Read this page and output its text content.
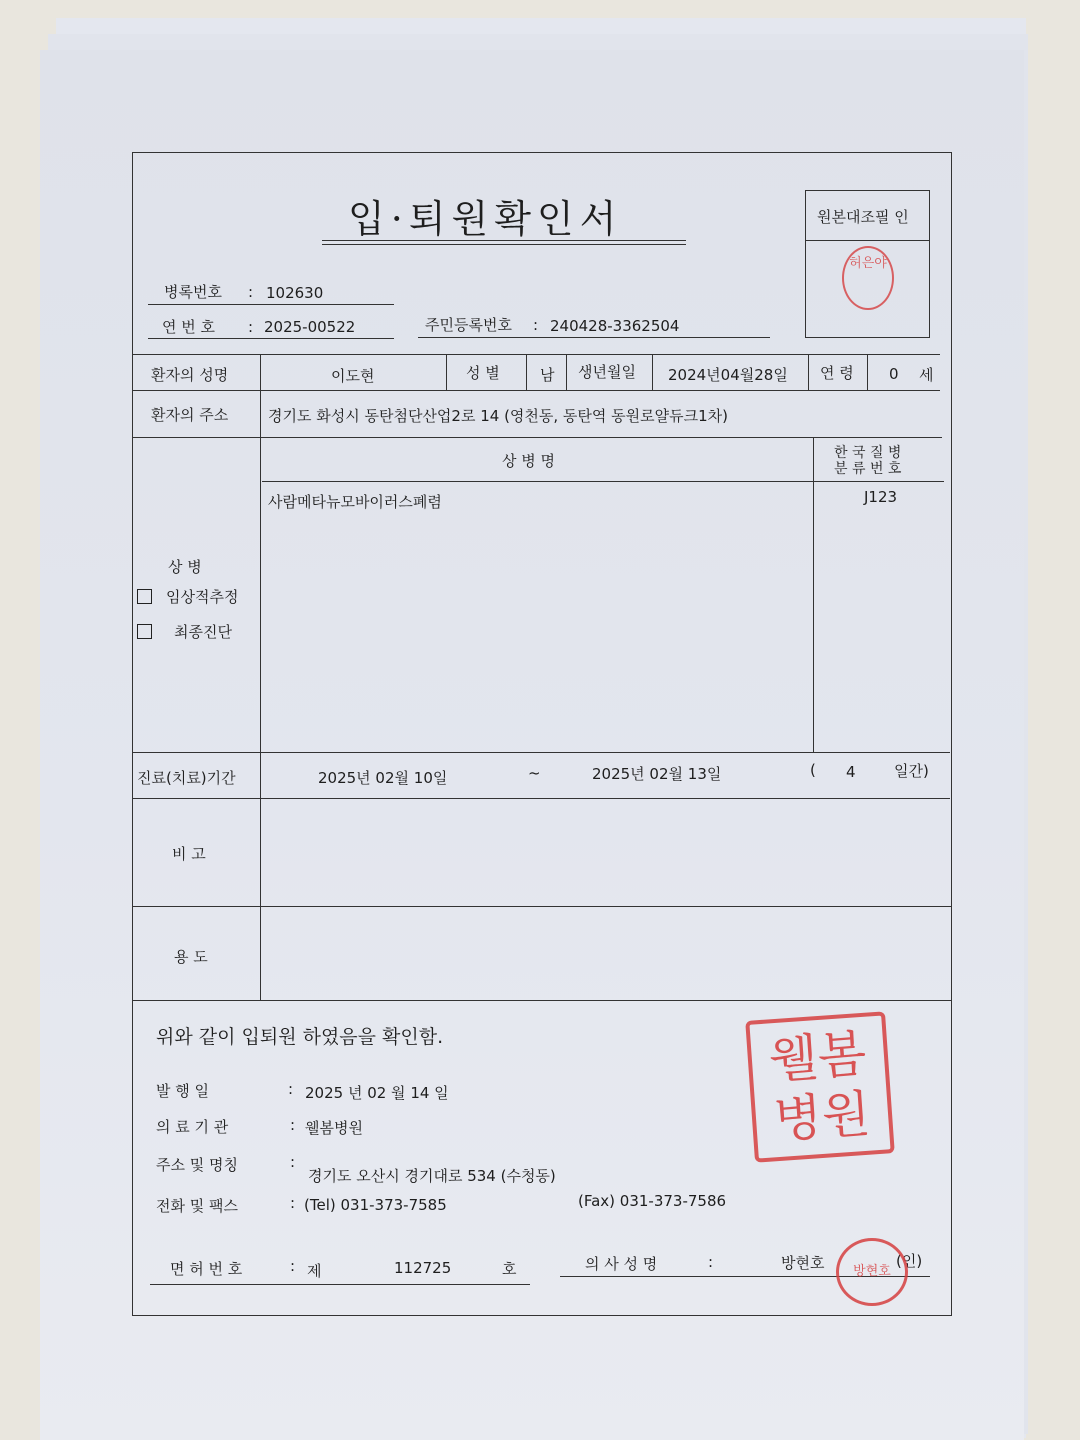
입·퇴원확인서	원본대조필 인
허은야
병록번호 : 102630
연 번 호 : 2025-00522	주민등록번호 : 240428-3362504
환자의 성명	이도현	성 별	남 생년월일 2024년04월28일 연 령 0 세
환자의 주소	경기도 화성시 동탄첨단산업2로 14 (영천동, 동탄역 동원로얄듀크1차)
상 병 명	한 국 질 병
분 류 번 호
사람메타뉴모바이러스폐렴	J123
상 병
임상적추정
최종진단
진료(치료)기간	2025년 02월 10일	~	2025년 02월 13일	( 4	일간)
비 고
용 도
위와 같이 입퇴원 하였음을 확인함.
발 행 일	: 2025 년 02 월 14 일
의 료 기 관	: 웰봄병원
주소 및 명칭	:
경기도 오산시 경기대로 534 (수청동)
전화 및 팩스	: (Tel) 031-373-7585	(Fax) 031-373-7586
면 허 번 호	: 제	112725	호	의 사 성 명	:	방현호	(인)
웰봄병원
방현호
